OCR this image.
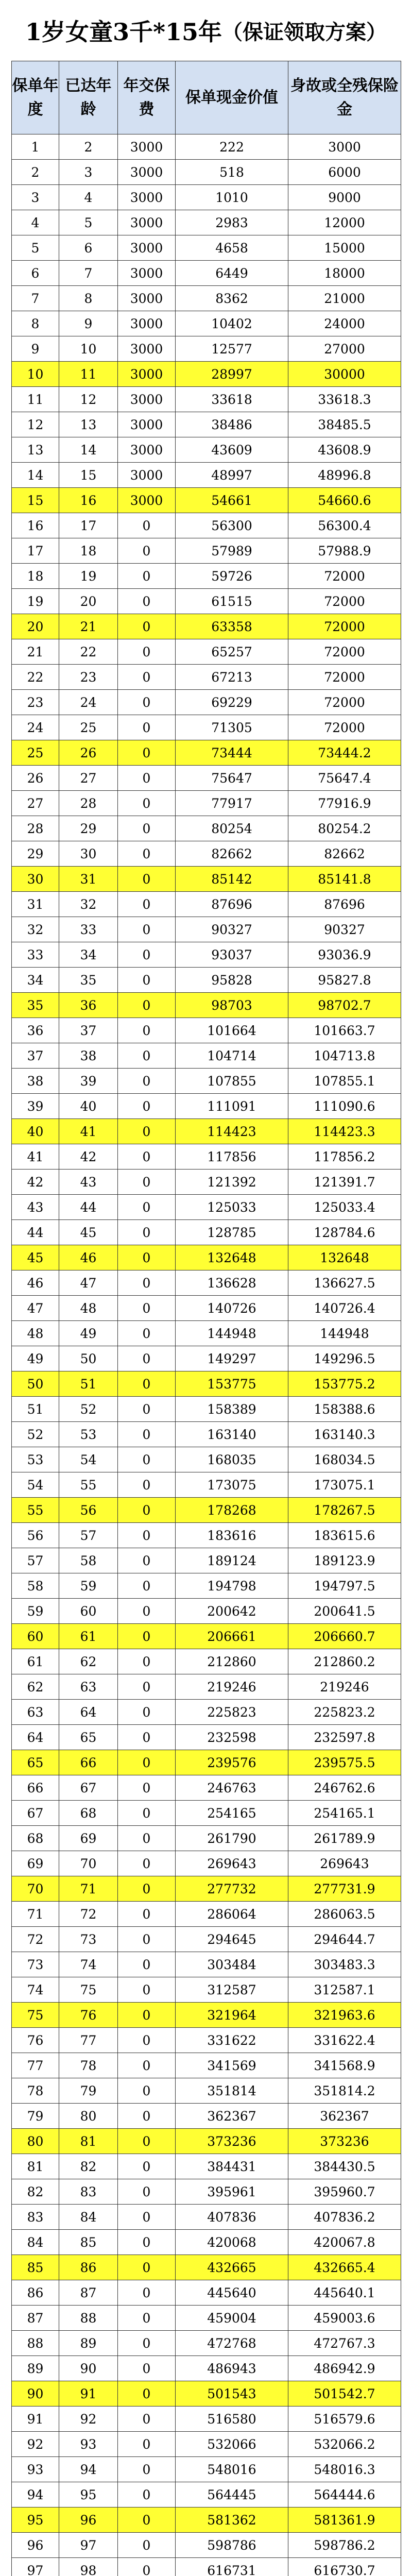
1岁女童3千*15年 （保证领取方案）
保单年度	已达年龄	年交保费	保单现金价值	身故或全残保险金
1	2	3000	222	3000
2	3	3000	518	6000
3	4	3000	1010	9000
4	5	3000	2983	12000
5	6	3000	4658	15000
6	7	3000	6449	18000
7	8	3000	8362	21000
8	9	3000	10402	24000
9	10	3000	12577	27000
10	11	3000	28997	30000
11	12	3000	33618	33618.3
12	13	3000	38486	38485.5
13	14	3000	43609	43608.9
14	15	3000	48997	48996.8
15	16	3000	54661	54660.6
16	17	0	56300	56300.4
17	18	0	57989	57988.9
18	19	0	59726	72000
19	20	0	61515	72000
20	21	0	63358	72000
21	22	0	65257	72000
22	23	0	67213	72000
23	24	0	69229	72000
24	25	0	71305	72000
25	26	0	73444	73444.2
26	27	0	75647	75647.4
27	28	0	77917	77916.9
28	29	0	80254	80254.2
29	30	0	82662	82662
30	31	0	85142	85141.8
31	32	0	87696	87696
32	33	0	90327	90327
33	34	0	93037	93036.9
34	35	0	95828	95827.8
35	36	0	98703	98702.7
36	37	0	101664	101663.7
37	38	0	104714	104713.8
38	39	0	107855	107855.1
39	40	0	111091	111090.6
40	41	0	114423	114423.3
41	42	0	117856	117856.2
42	43	0	121392	121391.7
43	44	0	125033	125033.4
44	45	0	128785	128784.6
45	46	0	132648	132648
46	47	0	136628	136627.5
47	48	0	140726	140726.4
48	49	0	144948	144948
49	50	0	149297	149296.5
50	51	0	153775	153775.2
51	52	0	158389	158388.6
52	53	0	163140	163140.3
53	54	0	168035	168034.5
54	55	0	173075	173075.1
55	56	0	178268	178267.5
56	57	0	183616	183615.6
57	58	0	189124	189123.9
58	59	0	194798	194797.5
59	60	0	200642	200641.5
60	61	0	206661	206660.7
61	62	0	212860	212860.2
62	63	0	219246	219246
63	64	0	225823	225823.2
64	65	0	232598	232597.8
65	66	0	239576	239575.5
66	67	0	246763	246762.6
67	68	0	254165	254165.1
68	69	0	261790	261789.9
69	70	0	269643	269643
70	71	0	277732	277731.9
71	72	0	286064	286063.5
72	73	0	294645	294644.7
73	74	0	303484	303483.3
74	75	0	312587	312587.1
75	76	0	321964	321963.6
76	77	0	331622	331622.4
77	78	0	341569	341568.9
78	79	0	351814	351814.2
79	80	0	362367	362367
80	81	0	373236	373236
81	82	0	384431	384430.5
82	83	0	395961	395960.7
83	84	0	407836	407836.2
84	85	0	420068	420067.8
85	86	0	432665	432665.4
86	87	0	445640	445640.1
87	88	0	459004	459003.6
88	89	0	472768	472767.3
89	90	0	486943	486942.9
90	91	0	501543	501542.7
91	92	0	516580	516579.6
92	93	0	532066	532066.2
93	94	0	548016	548016.3
94	95	0	564445	564444.6
95	96	0	581362	581361.9
96	97	0	598786	598786.2
97	98	0	616731	616730.7
